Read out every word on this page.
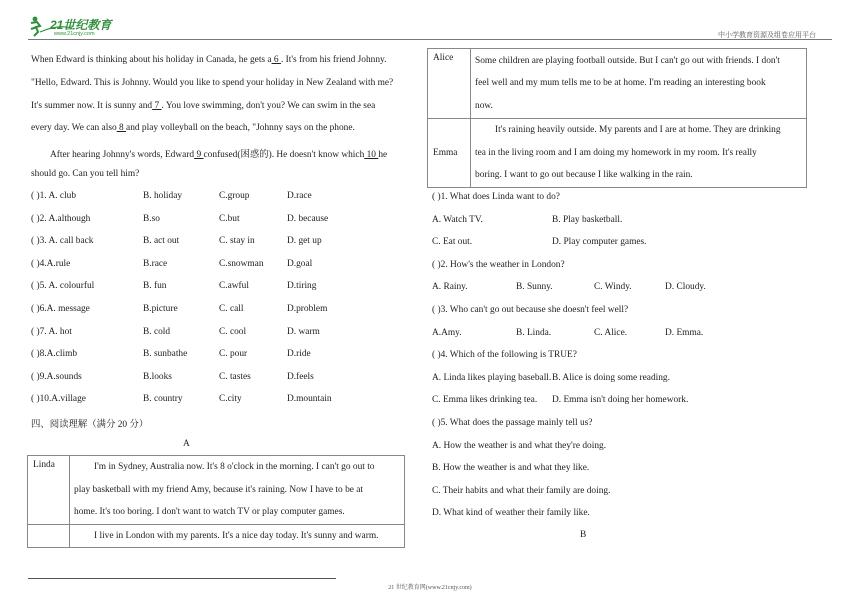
21世纪教育
www.21cnjy.com	中小学教育资源及组卷应用平台
When Edward is thinking about his holiday in Canada, he gets a 6 . It's from his friend Johnny.
"Hello, Edward. This is Johnny. Would you like to spend your holiday in New Zealand with me?
It's summer now. It is sunny and 7 . You love swimming, don't you? We can swim in the sea
every day. We can also 8 and play volleyball on the beach, "Johnny says on the phone.
After hearing Johnny's words, Edward 9 confused(困惑的). He doesn't know which 10 he
should go. Can you tell him?
( )1. A. club	B. holiday	C.group	D.race
( )2. A.although	B.so	C.but	D. because
( )3. A. call back	B. act out	C. stay in	D. get up
( )4.A.rule	B.race	C.snowman D.goal
( )5. A. colourful	B. fun	C.awful	D.tiring
( )6.A. message	B.picture	C. call	D.problem
( )7. A. hot	B. cold	C. cool	D. warm
( )8.A.climb	B. sunbathe	C. pour	D.ride
( )9.A.sounds	B.looks	C. tastes	D.feels
( )10.A.village	B. country	C.city	D.mountain
四、阅读理解（满分 20 分）
A
Linda	I'm in Sydney, Australia now. It's 8 o'clock in the morning. I can't go out to
play basketball with my friend Amy, because it's raining. Now I have to be at
home. It's too boring. I don't want to watch TV or play computer games.

	I live in London with my parents. It's a nice day today. It's sunny and warm.
Alice	Some children are playing football outside. But I can't go out with friends. I don't
feel well and my mum tells me to be at home. I'm reading an interesting book
now.

Emma	It's raining heavily outside. My parents and I are at home. They are drinking
tea in the living room and I am doing my homework in my room. It's really
boring. I want to go out because I like walking in the rain.
( )1. What does Linda want to do?
A. Watch TV.	B. Play basketball.
C. Eat out.	D. Play computer games.
( )2. How's the weather in London?
A. Rainy.	B. Sunny.	C. Windy.	D. Cloudy.
( )3. Who can't go out because she doesn't feel well?
A.Amy.	B. Linda.	C. Alice.	D. Emma.
( )4. Which of the following is TRUE?
A. Linda likes playing baseball. B. Alice is doing some reading.
C. Emma likes drinking tea. D. Emma isn't doing her homework.
( )5. What does the passage mainly tell us?
A. How the weather is and what they're doing.
B. How the weather is and what they like.
C. Their habits and what their family are doing.
D. What kind of weather their family like.
B
21 世纪教育网(www.21cnjy.com)
